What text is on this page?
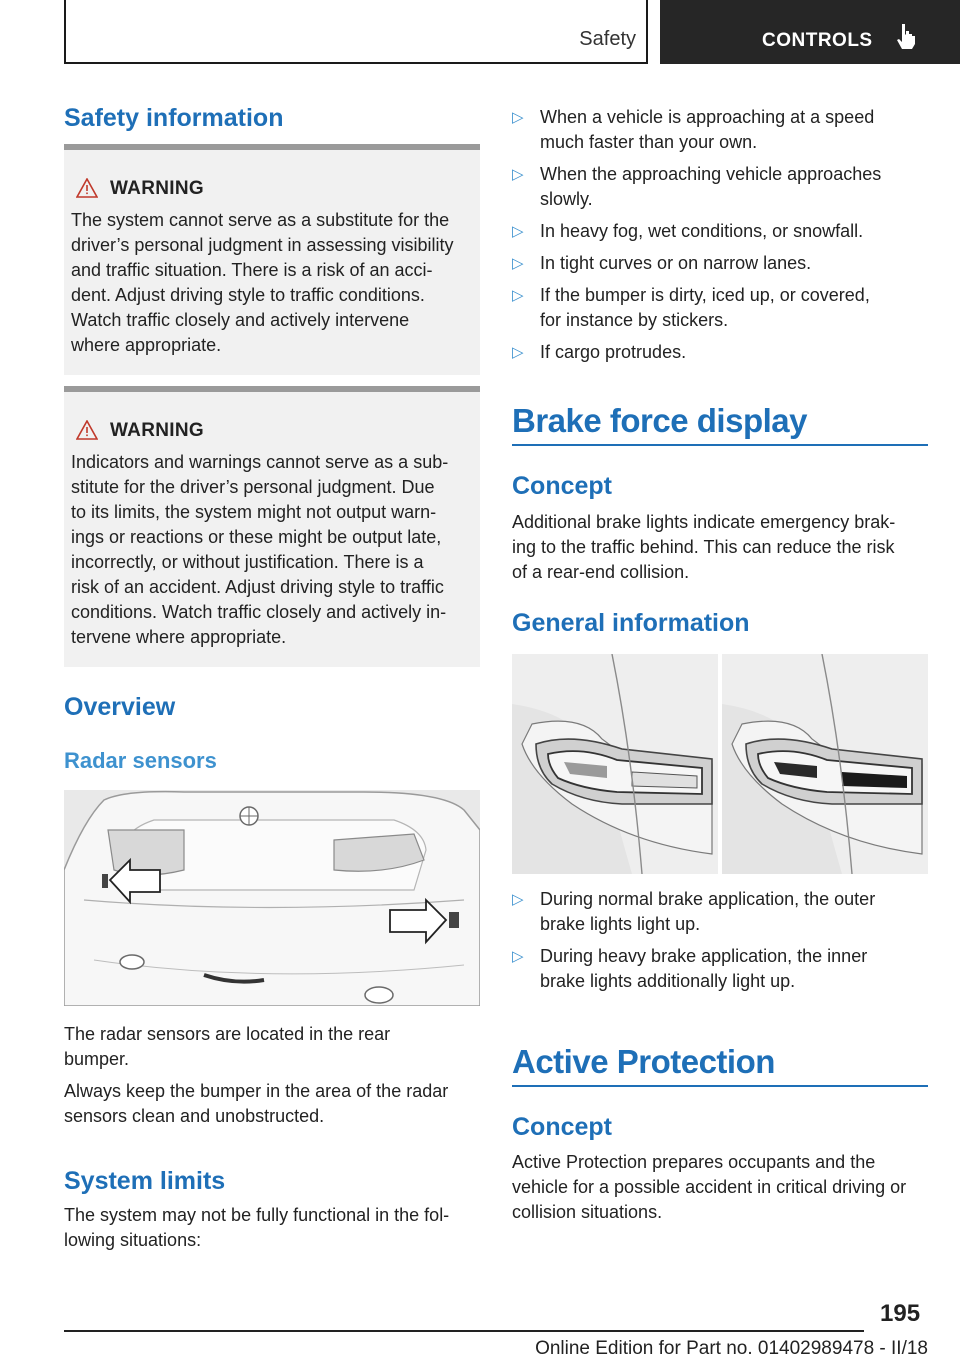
Safety	CONTROLS
Safety information
WARNING
The system cannot serve as a substitute for the
driver’s personal judgment in assessing visibility
and traffic situation. There is a risk of an acci‐
dent. Adjust driving style to traffic conditions.
Watch traffic closely and actively intervene
where appropriate.
WARNING
Indicators and warnings cannot serve as a sub‐
stitute for the driver’s personal judgment. Due
to its limits, the system might not output warn‐
ings or reactions or these might be output late,
incorrectly, or without justification. There is a
risk of an accident. Adjust driving style to traffic
conditions. Watch traffic closely and actively in‐
tervene where appropriate.
Overview
Radar sensors
The radar sensors are located in the rear
bumper.
Always keep the bumper in the area of the radar
sensors clean and unobstructed.
System limits
The system may not be fully functional in the fol‐
lowing situations:
▷ When a vehicle is approaching at a speed
much faster than your own.
▷ When the approaching vehicle approaches
slowly.
▷ In heavy fog, wet conditions, or snowfall.
▷ In tight curves or on narrow lanes.
▷ If the bumper is dirty, iced up, or covered,
for instance by stickers.
▷ If cargo protrudes.
Brake force display
Concept
Additional brake lights indicate emergency brak‐
ing to the traffic behind. This can reduce the risk
of a rear-end collision.
General information
▷ During normal brake application, the outer
brake lights light up.
▷ During heavy brake application, the inner
brake lights additionally light up.
Active Protection
Concept
Active Protection prepares occupants and the
vehicle for a possible accident in critical driving or
collision situations.
195
Online Edition for Part no. 01402989478 - II/18
